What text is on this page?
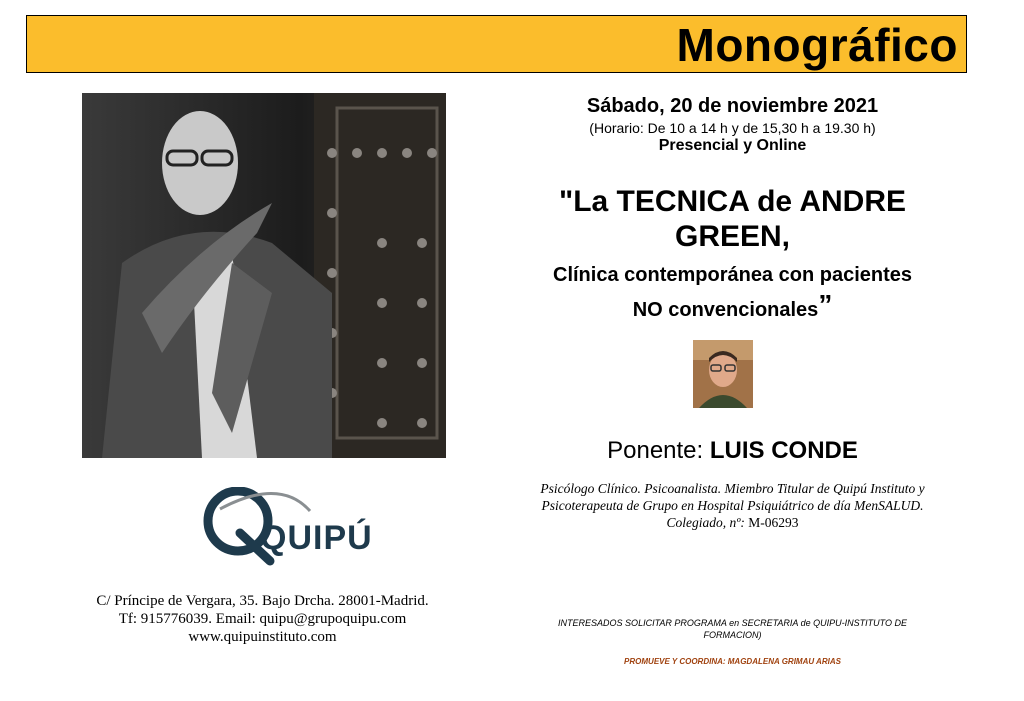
Monográfico
QUIPÚ
C/ Príncipe de Vergara, 35. Bajo Drcha. 28001-Madrid.
Tf: 915776039. Email: quipu@grupoquipu.com
www.quipuinstituto.com
Sábado, 20 de noviembre 2021
(Horario: De 10 a 14 h y de 15,30 h a 19.30 h)
Presencial y Online
"La TECNICA de ANDRE
GREEN,
Clínica contemporánea con pacientes
NO convencionales”
Ponente: LUIS CONDE
Psicólogo Clínico. Psicoanalista. Miembro Titular de Quipú Instituto y
Psicoterapeuta de Grupo en Hospital Psiquiátrico de día MenSALUD.
Colegiado, nº: M-06293
INTERESADOS SOLICITAR PROGRAMA en SECRETARIA de QUIPU-INSTITUTO DE
FORMACION)
PROMUEVE Y COORDINA: MAGDALENA GRIMAU ARIAS
